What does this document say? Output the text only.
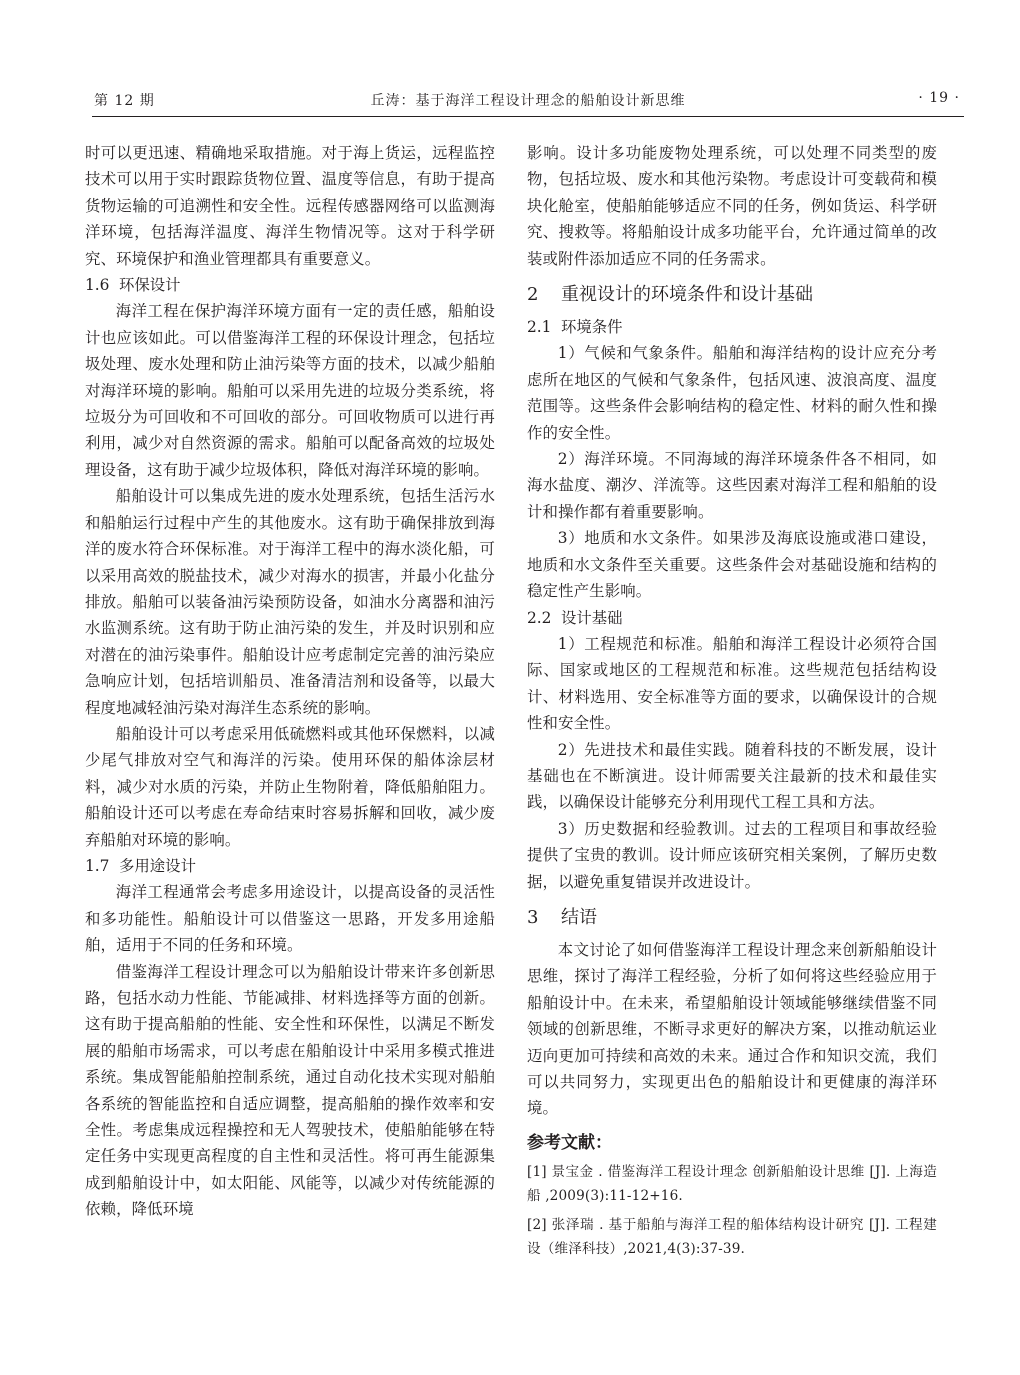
第 12 期	丘涛：基于海洋工程设计理念的船舶设计新思维	· 19 ·

时可以更迅速、精确地采取措施。对于海上货运，远程监控技术可以用于实时跟踪货物位置、温度等信息，有助于提高货物运输的可追溯性和安全性。远程传感器网络可以监测海洋环境，包括海洋温度、海洋生物情况等。这对于科学研究、环境保护和渔业管理都具有重要意义。

1.6 环保设计

海洋工程在保护海洋环境方面有一定的责任感，船舶设计也应该如此。可以借鉴海洋工程的环保设计理念，包括垃圾处理、废水处理和防止油污染等方面的技术，以减少船舶对海洋环境的影响。船舶可以采用先进的垃圾分类系统，将垃圾分为可回收和不可回收的部分。可回收物质可以进行再利用，减少对自然资源的需求。船舶可以配备高效的垃圾处理设备，这有助于减少垃圾体积，降低对海洋环境的影响。

船舶设计可以集成先进的废水处理系统，包括生活污水和船舶运行过程中产生的其他废水。这有助于确保排放到海洋的废水符合环保标准。对于海洋工程中的海水淡化船，可以采用高效的脱盐技术，减少对海水的损害，并最小化盐分排放。船舶可以装备油污染预防设备，如油水分离器和油污水监测系统。这有助于防止油污染的发生，并及时识别和应对潜在的油污染事件。船舶设计应考虑制定完善的油污染应急响应计划，包括培训船员、准备清洁剂和设备等，以最大程度地减轻油污染对海洋生态系统的影响。

船舶设计可以考虑采用低硫燃料或其他环保燃料，以减少尾气排放对空气和海洋的污染。使用环保的船体涂层材料，减少对水质的污染，并防止生物附着，降低船舶阻力。船舶设计还可以考虑在寿命结束时容易拆解和回收，减少废弃船舶对环境的影响。

1.7 多用途设计

海洋工程通常会考虑多用途设计，以提高设备的灵活性和多功能性。船舶设计可以借鉴这一思路，开发多用途船舶，适用于不同的任务和环境。

借鉴海洋工程设计理念可以为船舶设计带来许多创新思路，包括水动力性能、节能减排、材料选择等方面的创新。这有助于提高船舶的性能、安全性和环保性，以满足不断发展的船舶市场需求，可以考虑在船舶设计中采用多模式推进系统。集成智能船舶控制系统，通过自动化技术实现对船舶各系统的智能监控和自适应调整，提高船舶的操作效率和安全性。考虑集成远程操控和无人驾驶技术，使船舶能够在特定任务中实现更高程度的自主性和灵活性。将可再生能源集成到船舶设计中，如太阳能、风能等，以减少对传统能源的依赖，降低环境

影响。设计多功能废物处理系统，可以处理不同类型的废物，包括垃圾、废水和其他污染物。考虑设计可变载荷和模块化舱室，使船舶能够适应不同的任务，例如货运、科学研究、搜救等。将船舶设计成多功能平台，允许通过简单的改装或附件添加适应不同的任务需求。

2 重视设计的环境条件和设计基础
2.1 环境条件

1）气候和气象条件。船舶和海洋结构的设计应充分考虑所在地区的气候和气象条件，包括风速、波浪高度、温度范围等。这些条件会影响结构的稳定性、材料的耐久性和操作的安全性。

2）海洋环境。不同海域的海洋环境条件各不相同，如海水盐度、潮汐、洋流等。这些因素对海洋工程和船舶的设计和操作都有着重要影响。

3）地质和水文条件。如果涉及海底设施或港口建设，地质和水文条件至关重要。这些条件会对基础设施和结构的稳定性产生影响。

2.2 设计基础

1）工程规范和标准。船舶和海洋工程设计必须符合国际、国家或地区的工程规范和标准。这些规范包括结构设计、材料选用、安全标准等方面的要求，以确保设计的合规性和安全性。

2）先进技术和最佳实践。随着科技的不断发展，设计基础也在不断演进。设计师需要关注最新的技术和最佳实践，以确保设计能够充分利用现代工程工具和方法。

3）历史数据和经验教训。过去的工程项目和事故经验提供了宝贵的教训。设计师应该研究相关案例，了解历史数据，以避免重复错误并改进设计。

3 结语

本文讨论了如何借鉴海洋工程设计理念来创新船舶设计思维，探讨了海洋工程经验，分析了如何将这些经验应用于船舶设计中。在未来，希望船舶设计领域能够继续借鉴不同领域的创新思维，不断寻求更好的解决方案，以推动航运业迈向更加可持续和高效的未来。通过合作和知识交流，我们可以共同努力，实现更出色的船舶设计和更健康的海洋环境。

参考文献：

[1] 景宝金 . 借鉴海洋工程设计理念 创新船舶设计思维 [J]. 上海造船 ,2009(3):11-12+16.

[2] 张泽瑞 . 基于船舶与海洋工程的船体结构设计研究 [J]. 工程建设（维泽科技）,2021,4(3):37-39.
